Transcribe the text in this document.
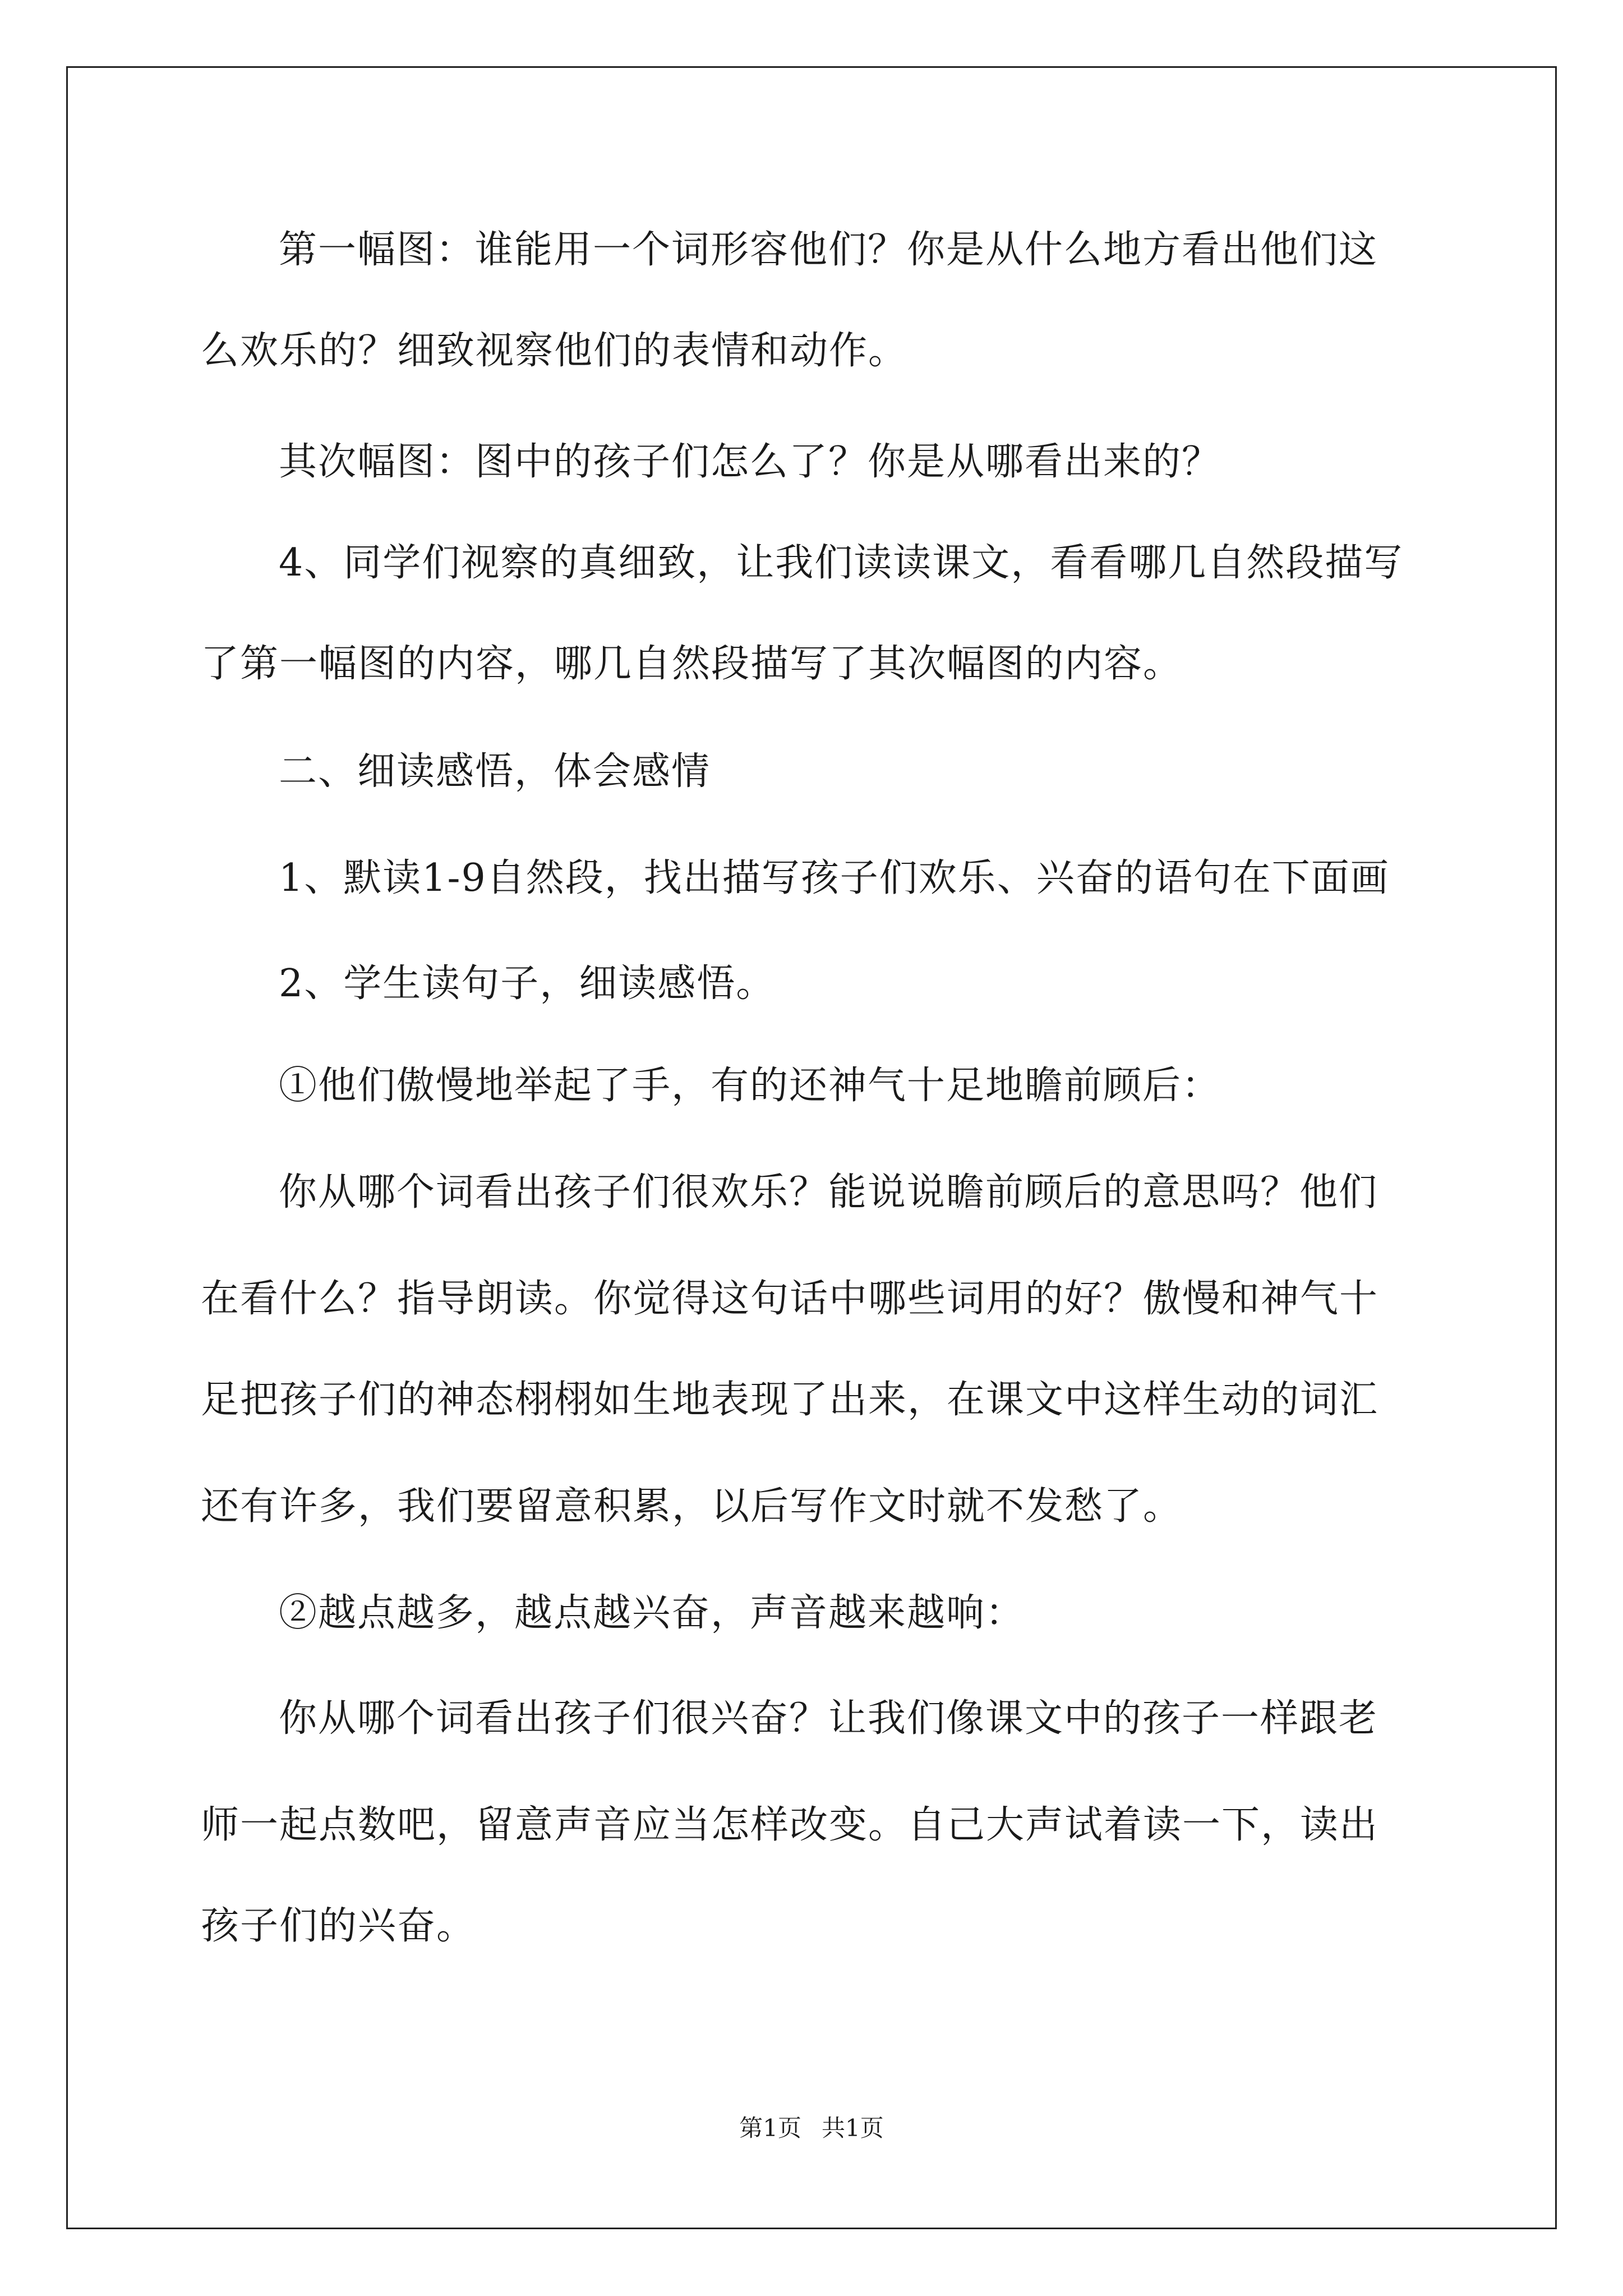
第一幅图：谁能用一个词形容他们？你是从什么地方看出他们这

么欢乐的？细致视察他们的表情和动作。

其次幅图：图中的孩子们怎么了？你是从哪看出来的？

4、同学们视察的真细致，让我们读读课文，看看哪几自然段描写

了第一幅图的内容，哪几自然段描写了其次幅图的内容。

二、细读感悟，体会感情

1、默读1-9自然段，找出描写孩子们欢乐、兴奋的语句在下面画

2、学生读句子，细读感悟。

①他们傲慢地举起了手，有的还神气十足地瞻前顾后：

你从哪个词看出孩子们很欢乐？能说说瞻前顾后的意思吗？他们

在看什么？指导朗读。你觉得这句话中哪些词用的好？傲慢和神气十

足把孩子们的神态栩栩如生地表现了出来，在课文中这样生动的词汇

还有许多，我们要留意积累，以后写作文时就不发愁了。

②越点越多，越点越兴奋，声音越来越响：

你从哪个词看出孩子们很兴奋？让我们像课文中的孩子一样跟老

师一起点数吧，留意声音应当怎样改变。自己大声试着读一下，读出

孩子们的兴奋。

第1页 共1页
